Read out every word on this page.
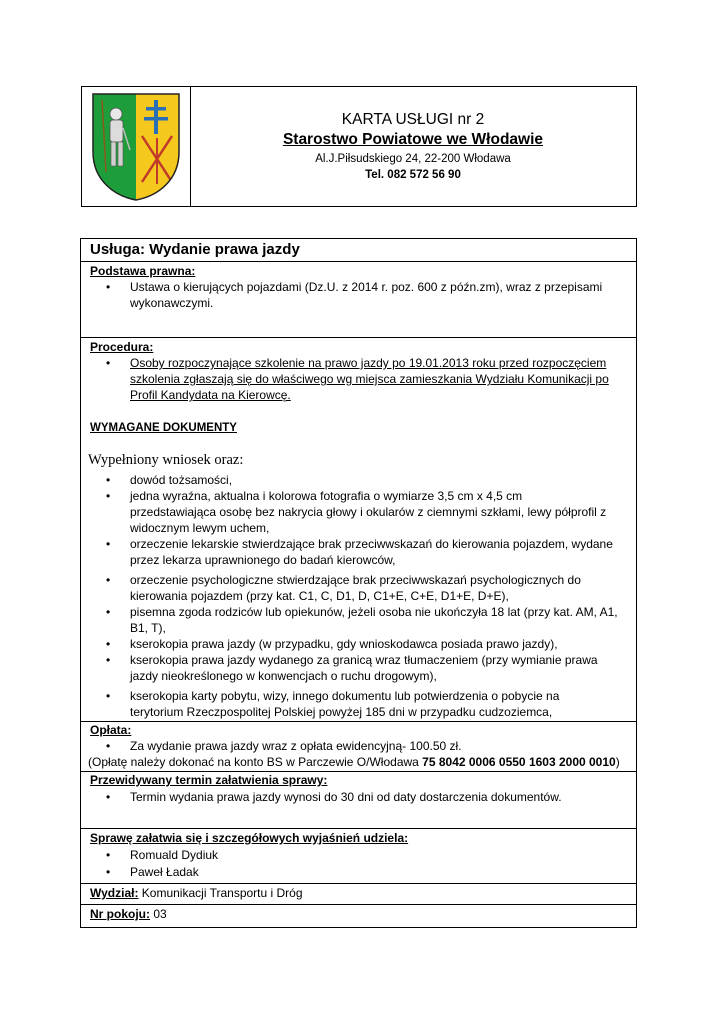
KARTA USŁUGI nr 2
Starostwo Powiatowe we Włodawie
Al.J.Piłsudskiego 24, 22-200 Włodawa
Tel. 082 572 56 90
Usługa: Wydanie prawa jazdy
Podstawa prawna:
• Ustawa o kierujących pojazdami (Dz.U. z 2014 r. poz. 600 z późn.zm), wraz z przepisami
wykonawczymi.
Procedura:
• Osoby rozpoczynające szkolenie na prawo jazdy po 19.01.2013 roku przed rozpoczęciem
szkolenia zgłaszają się do właściwego wg miejsca zamieszkania Wydziału Komunikacji po
Profil Kandydata na Kierowcę.
WYMAGANE DOKUMENTY
Wypełniony wniosek oraz:
• dowód tożsamości,
• jedna wyraźna, aktualna i kolorowa fotografia o wymiarze 3,5 cm x 4,5 cm
przedstawiająca osobę bez nakrycia głowy i okularów z ciemnymi szkłami, lewy półprofil z
widocznym lewym uchem,
• orzeczenie lekarskie stwierdzające brak przeciwwskazań do kierowania pojazdem, wydane
przez lekarza uprawnionego do badań kierowców,
• orzeczenie psychologiczne stwierdzające brak przeciwwskazań psychologicznych do
kierowania pojazdem (przy kat. C1, C, D1, D, C1+E, C+E, D1+E, D+E),
• pisemna zgoda rodziców lub opiekunów, jeżeli osoba nie ukończyła 18 lat (przy kat. AM, A1,
B1, T),
• kserokopia prawa jazdy (w przypadku, gdy wnioskodawca posiada prawo jazdy),
• kserokopia prawa jazdy wydanego za granicą wraz tłumaczeniem (przy wymianie prawa
jazdy nieokreślonego w konwencjach o ruchu drogowym),
• kserokopia karty pobytu, wizy, innego dokumentu lub potwierdzenia o pobycie na
terytorium Rzeczpospolitej Polskiej powyżej 185 dni w przypadku cudzoziemca,
Opłata:
• Za wydanie prawa jazdy wraz z opłata ewidencyjną- 100.50 zł.
(Opłatę należy dokonać na konto BS w Parczewie O/Włodawa 75 8042 0006 0550 1603 2000 0010)
Przewidywany termin załatwienia sprawy:
• Termin wydania prawa jazdy wynosi do 30 dni od daty dostarczenia dokumentów.
Sprawę załatwia się i szczegółowych wyjaśnień udziela:
• Romuald Dydiuk
• Paweł Ładak
Wydział: Komunikacji Transportu i Dróg
Nr pokoju: 03
